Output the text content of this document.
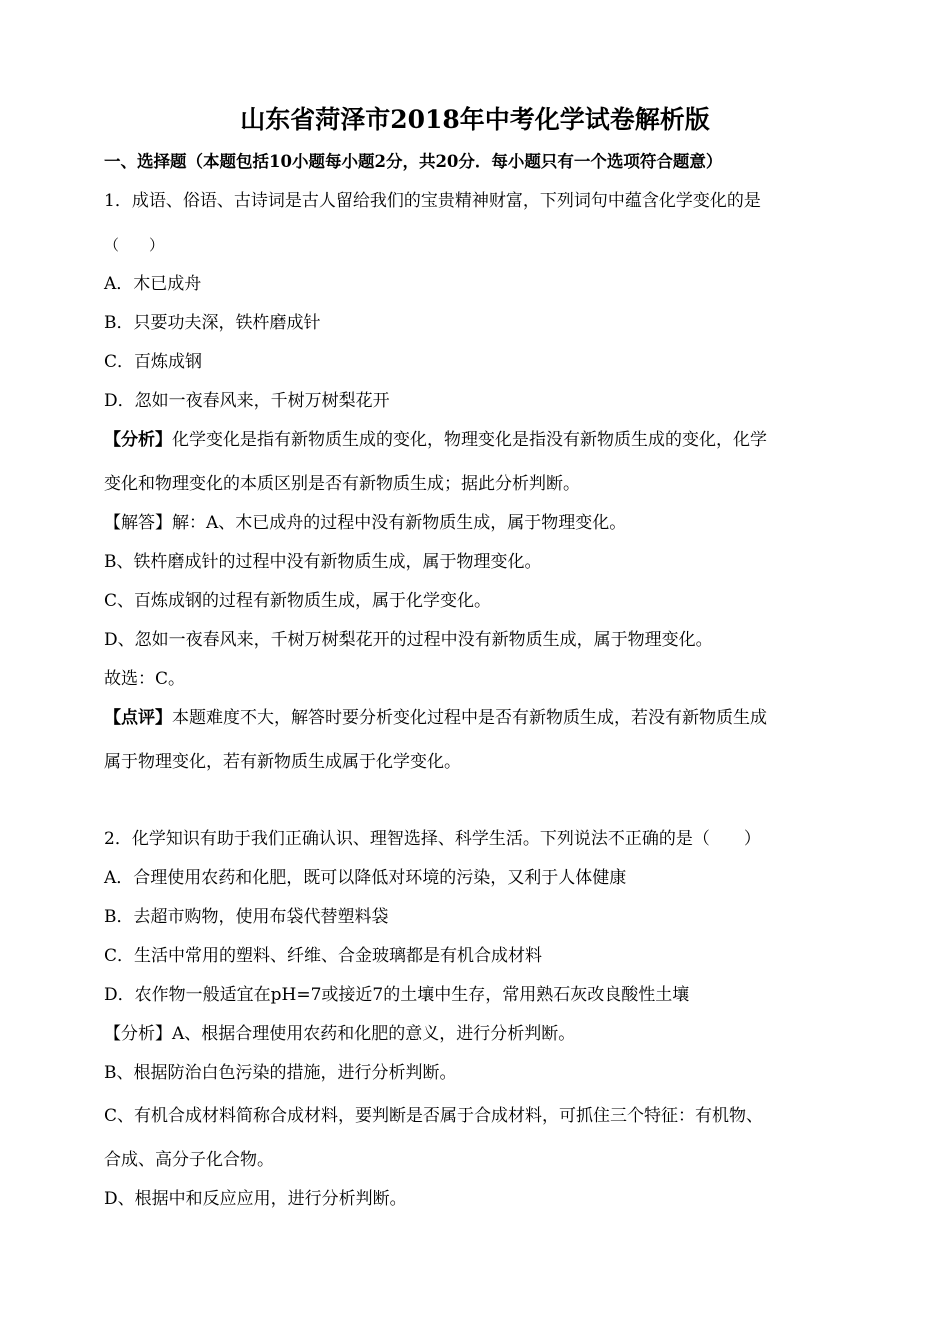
山东省菏泽市2018年中考化学试卷解析版
一、选择题（本题包括10小题每小题2分，共20分．每小题只有一个选项符合题意）
1．成语、俗语、古诗词是古人留给我们的宝贵精神财富，下列词句中蕴含化学变化的是
（　　）
A．木已成舟
B．只要功夫深，铁杵磨成针
C．百炼成钢
D．忽如一夜春风来，千树万树梨花开
【分析】化学变化是指有新物质生成的变化，物理变化是指没有新物质生成的变化，化学
变化和物理变化的本质区别是否有新物质生成；据此分析判断。
【解答】解：A、木已成舟的过程中没有新物质生成，属于物理变化。
B、铁杵磨成针的过程中没有新物质生成，属于物理变化。
C、百炼成钢的过程有新物质生成，属于化学变化。
D、忽如一夜春风来，千树万树梨花开的过程中没有新物质生成，属于物理变化。
故选：C。
【点评】本题难度不大，解答时要分析变化过程中是否有新物质生成，若没有新物质生成
属于物理变化，若有新物质生成属于化学变化。
2．化学知识有助于我们正确认识、理智选择、科学生活。下列说法不正确的是（　　）
A．合理使用农药和化肥，既可以降低对环境的污染，又利于人体健康
B．去超市购物，使用布袋代替塑料袋
C．生活中常用的塑料、纤维、合金玻璃都是有机合成材料
D．农作物一般适宜在pH=7或接近7的土壤中生存，常用熟石灰改良酸性土壤
【分析】A、根据合理使用农药和化肥的意义，进行分析判断。
B、根据防治白色污染的措施，进行分析判断。
C、有机合成材料简称合成材料，要判断是否属于合成材料，可抓住三个特征：有机物、
合成、高分子化合物。
D、根据中和反应应用，进行分析判断。
